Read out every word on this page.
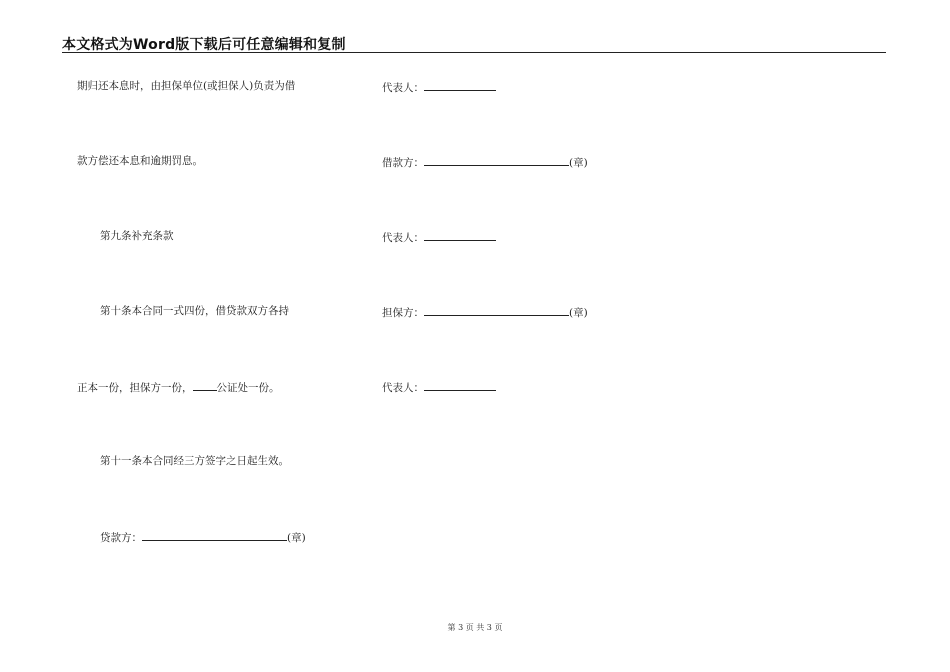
本文格式为Word版下载后可任意编辑和复制
期归还本息时，由担保单位(或担保人)负责为借
款方偿还本息和逾期罚息。
第九条补充条款
第十条本合同一式四份，借贷款双方各持
正本一份，担保方一份， 公证处一份。
第十一条本合同经三方签字之日起生效。
贷款方：	(章)
代表人：
借款方：	(章)
代表人：
担保方：	(章)
代表人：
第 3 页 共 3 页
